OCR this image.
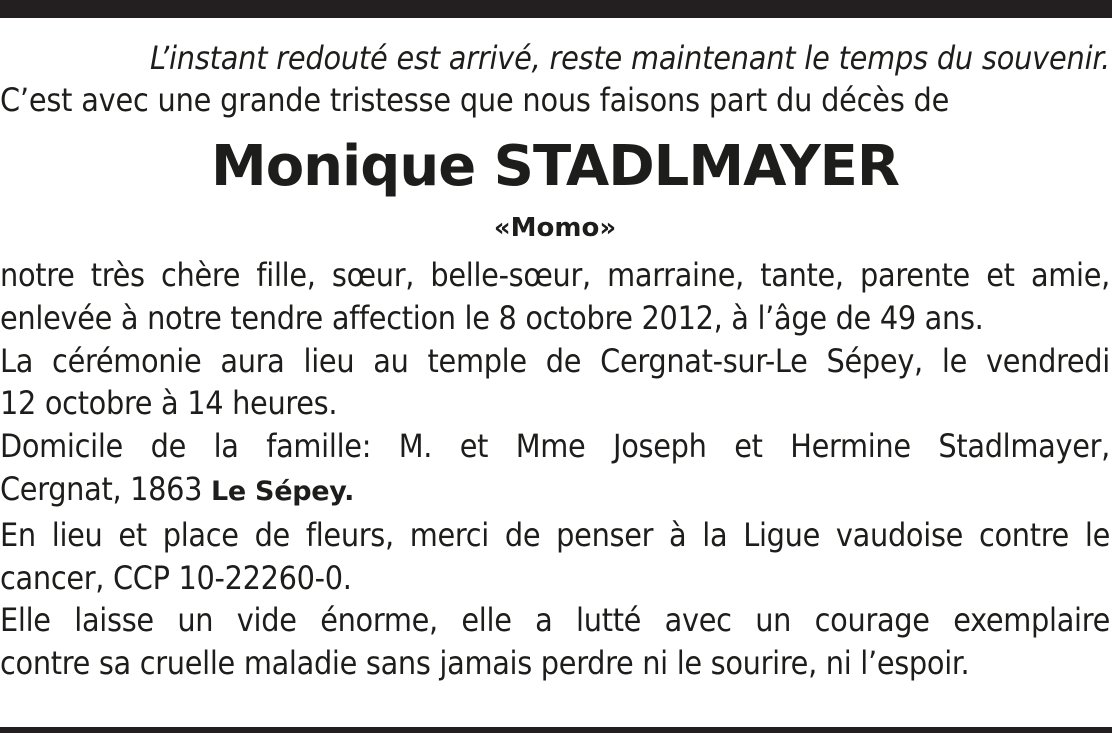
L’instant redouté est arrivé, reste maintenant le temps du souvenir.
C’est avec une grande tristesse que nous faisons part du décès de
Monique STADLMAYER
«Momo»
notre très chère fille, sœur, belle-sœur, marraine, tante, parente et amie,
enlevée à notre tendre affection le 8 octobre 2012, à l’âge de 49 ans.
La cérémonie aura lieu au temple de Cergnat-sur-Le Sépey, le vendredi
12 octobre à 14 heures.
Domicile de la famille: M. et Mme Joseph et Hermine Stadlmayer,
Cergnat, 1863 Le Sépey.
En lieu et place de fleurs, merci de penser à la Ligue vaudoise contre le
cancer, CCP 10-22260-0.
Elle laisse un vide énorme, elle a lutté avec un courage exemplaire
contre sa cruelle maladie sans jamais perdre ni le sourire, ni l’espoir.
